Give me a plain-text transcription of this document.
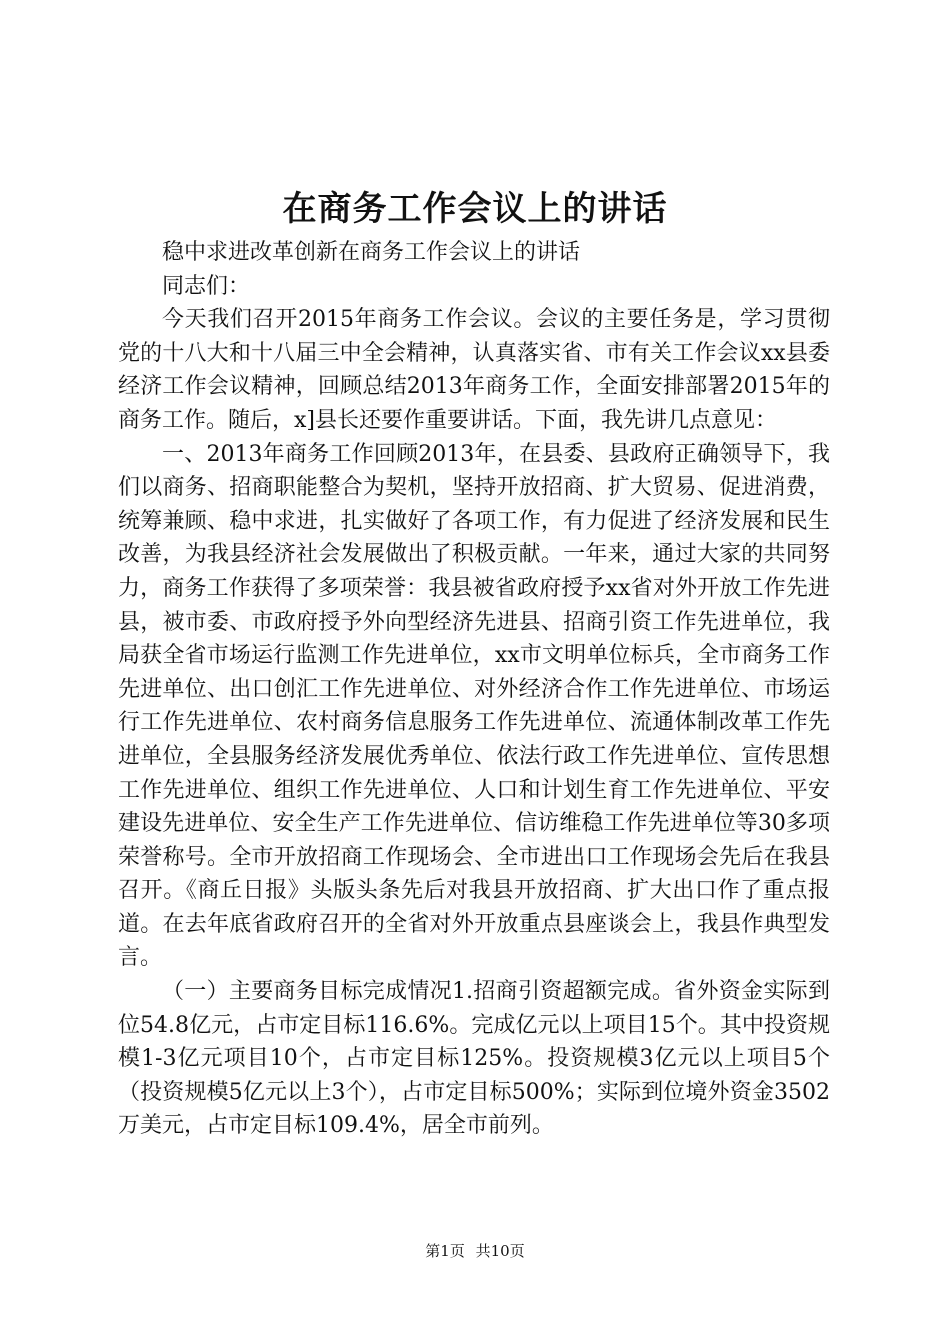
在商务工作会议上的讲话

稳中求进改革创新在商务工作会议上的讲话

同志们：

今天我们召开2015年商务工作会议。会议的主要任务是，学习贯彻党的十八大和十八届三中全会精神，认真落实省、市有关工作会议xx县委经济工作会议精神，回顾总结2013年商务工作，全面安排部署2015年的商务工作。随后，x]县长还要作重要讲话。下面，我先讲几点意见：

一、2013年商务工作回顾2013年，在县委、县政府正确领导下，我们以商务、招商职能整合为契机，坚持开放招商、扩大贸易、促进消费，统筹兼顾、稳中求进，扎实做好了各项工作，有力促进了经济发展和民生改善，为我县经济社会发展做出了积极贡献。一年来，通过大家的共同努力，商务工作获得了多项荣誉：我县被省政府授予xx省对外开放工作先进县，被市委、市政府授予外向型经济先进县、招商引资工作先进单位，我局获全省市场运行监测工作先进单位，xx市文明单位标兵，全市商务工作先进单位、出口创汇工作先进单位、对外经济合作工作先进单位、市场运行工作先进单位、农村商务信息服务工作先进单位、流通体制改革工作先进单位，全县服务经济发展优秀单位、依法行政工作先进单位、宣传思想工作先进单位、组织工作先进单位、人口和计划生育工作先进单位、平安建设先进单位、安全生产工作先进单位、信访维稳工作先进单位等30多项荣誉称号。全市开放招商工作现场会、全市进出口工作现场会先后在我县召开。《商丘日报》头版头条先后对我县开放招商、扩大出口作了重点报道。在去年底省政府召开的全省对外开放重点县座谈会上，我县作典型发言。

（一）主要商务目标完成情况1.招商引资超额完成。省外资金实际到位54.8亿元，占市定目标116.6%。完成亿元以上项目15个。其中投资规模1-3亿元项目10个，占市定目标125%。投资规模3亿元以上项目5个（投资规模5亿元以上3个），占市定目标500%；实际到位境外资金3502万美元，占市定目标109.4%，居全市前列。

第1页 共10页
